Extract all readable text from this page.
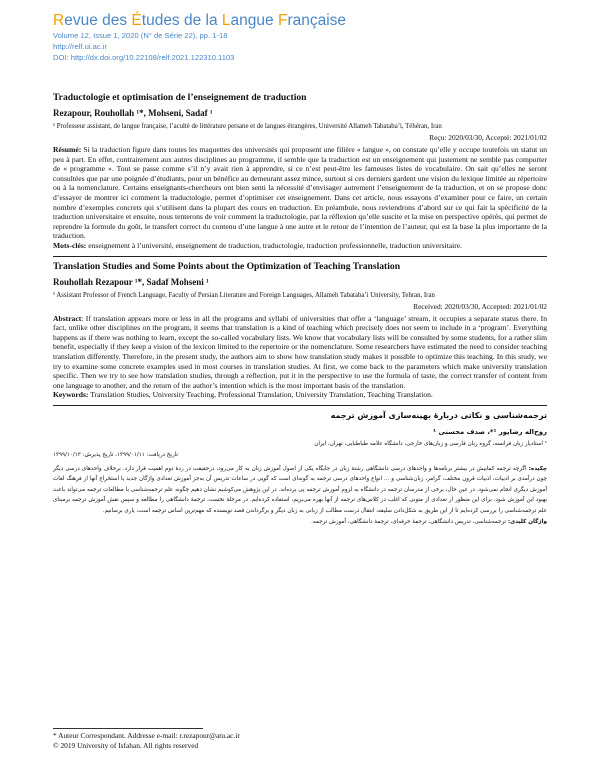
Revue des Études de la Langue Française
Volume 12, Issue 1, 2020 (N° de Série 22), pp. 1-18
http://relf.ui.ac.ir
DOI: http://dx.doi.org/10.22108/relf.2021.122310.1103
Traductologie et optimisation de l’enseignement de traduction
Rezapour, Rouhollah ¹*, Mohseni, Sadaf ¹
¹ Professeur assistant, de langue française, l’acultè de littérature persane et de langues étrangères, Université Allameh Tabataba’i, Téhéran, Iran
Reçu: 2020/03/30, Accepté: 2021/01/02
Résumé: Si la traduction figure dans toutes les maquettes des universités qui proposent une filière « langue », on constate qu’elle y occupe toutefois un statut un peu à part. En effet, contrairement aux autres disciplines au programme, il semble que la traduction est un enseignement qui justement ne semble pas comporter de « programme ». Tout se passe comme s’il n’y avait rien à apprendre, si ce n’est peut-être les fameuses listes de vocabulaire. On sait qu’elles ne seront consultées que par une poignée d’étudiants, pour un bénéfice au demeurant assez mince, surtout si ces derniers gardent une vision du lexique limitée au répertoire ou à la nomenclature. Certains enseignants-chercheurs ont bien senti la nécessité d’envisager autrement l’enseignement de la traduction, et on se propose donc d’essayer de montrer ici comment la traductologie, permet d’optimiser cet enseignement. Dans cet article, nous essayons d’examiner pour ce faire, un certain nombre d’exemples concrets qui s’utilisent dans la plupart des cours en traduction. En préambule, nous reviendrons d’abord sur ce qui fait la spécificité de la traduction universitaire et ensuite, nous tenterons de voir comment la traductologie, par la réflexion qu’elle suscite et la mise en perspective opérés, qui permet de reprendre la formule du goût, le transfert correct du contenu d’une langue à une autre et le retour de l’intention de l’auteur, qui est la base la plus importante de la traduction.
Mots-clés: enseignement à l’université, enseignement de traduction, traductologie, traduction professionnelle, traduction universitaire.
Translation Studies and Some Points about the Optimization of Teaching Translation
Rouhollah Rezapour ¹*, Sadaf Mohseni ¹
¹ Assistant Professor of French Language, Faculty of Persian Literature and Foreign Languages, Allameh Tabataba’i University, Tehran, Iran
Received: 2020/03/30, Accepted: 2021/01/02
Abstract: If translation appears more or less in all the programs and syllabi of universities that offer a ‘language’ stream, it occupies a separate status there. In fact, unlike other disciplines on the program, it seems that translation is a kind of teaching which precisely does not seem to include in a ‘program’. Everything happens as if there was nothing to learn, except the so-called vocabulary lists. We know that vocabulary lists will be consulted by some students, for a rather slim benefit, especially if they keep a vision of the lexicon limited to the repertoire or the nomenclature. Some researchers have estimated the need to consider teaching translation differently. Therefore, in the present study, the authors aim to show how translation study makes it possible to optimize this teaching. In this study, we try to examine some concrete examples used in most courses in translation studies. At first, we come back to the parameters which make university translation specific. Then we try to see how translation studies, through a reflection, put it in the perspective to use the formula of taste, the correct transfer of content from one language to another, and the return of the author’s intention which is the most important basis of the translation.
Keywords: Translation Studies, University Teaching, Professional Translation, University Translation, Teaching Translation.
ترجمه‌شناسی و نکاتی دربارهٔ بهینه‌سازی آموزش ترجمه
روح‌اله رضاپور ¹*، صدف محسنی ¹
¹ استادیار زبان فرانسه، گروه زبان فارسی و زبان‌های خارجی، دانشگاه علامه طباطبایی، تهران، ایران
تاریخ دریافت: ۱۳۹۹/۰۱/۱۱، تاریخ پذیرش: ۱۳۹۹/۱۰/۱۳
چکیده: اگرچه ترجمه کمابیش در بیشتر برنامه‌ها و واحدهای درسی دانشگاهی رشتهٔ زبان در جایگاه یکی از اصول آموزش زبان به کار می‌رود، درحقیقت در ردهٔ دوم اهمیت قرار دارد. برخلاف واحدهای درسی دیگر چون درآمدی بر ادبیات، ادبیات قرون مختلف، گرامر، زبان‌شناسی و ... انواع واحدهای درسی ترجمه به گونه‌ای است که گویی در ساعات تدریس آن به‌جز آموزش تعدادی واژگان جدید یا استخراج آنها از فرهنگ لغات آموزش دیگری انجام نمی‌شود. در عین حال، برخی از مدرسان ترجمه در دانشگاه به لزوم آموزش ترجمه پی برده‌اند. در این پژوهش می‌کوشیم نشان دهیم چگونه علم ترجمه‌شناسی با مطالعات ترجمه می‌تواند باعث بهبود این آموزش شود. برای این منظور از تعدادی از متونی که اغلب در کلاس‌های ترجمه از آنها بهره می‌بریم، استفاده کرده‌ایم. در مرحلهٔ نخست، ترجمهٔ دانشگاهی را مطالعه و سپس نقش آموزش ترجمه برمبنای علم ترجمه‌شناسی را بررسی کرده‌ایم تا از این طریق به شکل‌دادن سلیقه، انتقال درست مطالب از زبانی به زبان دیگر و برگرداندن قصد نویسنده که مهم‌ترین اساس ترجمه است، یاری برسانیم.
واژگان کلیدی: ترجمه‌شناسی، تدریس دانشگاهی، ترجمهٔ حرفه‌ای، ترجمهٔ دانشگاهی، آموزش ترجمه.
* Auteur Correspondant. Addresse e-mail: r.rezapour@atu.ac.ir
© 2019 University of Isfahan. All rights reserved
